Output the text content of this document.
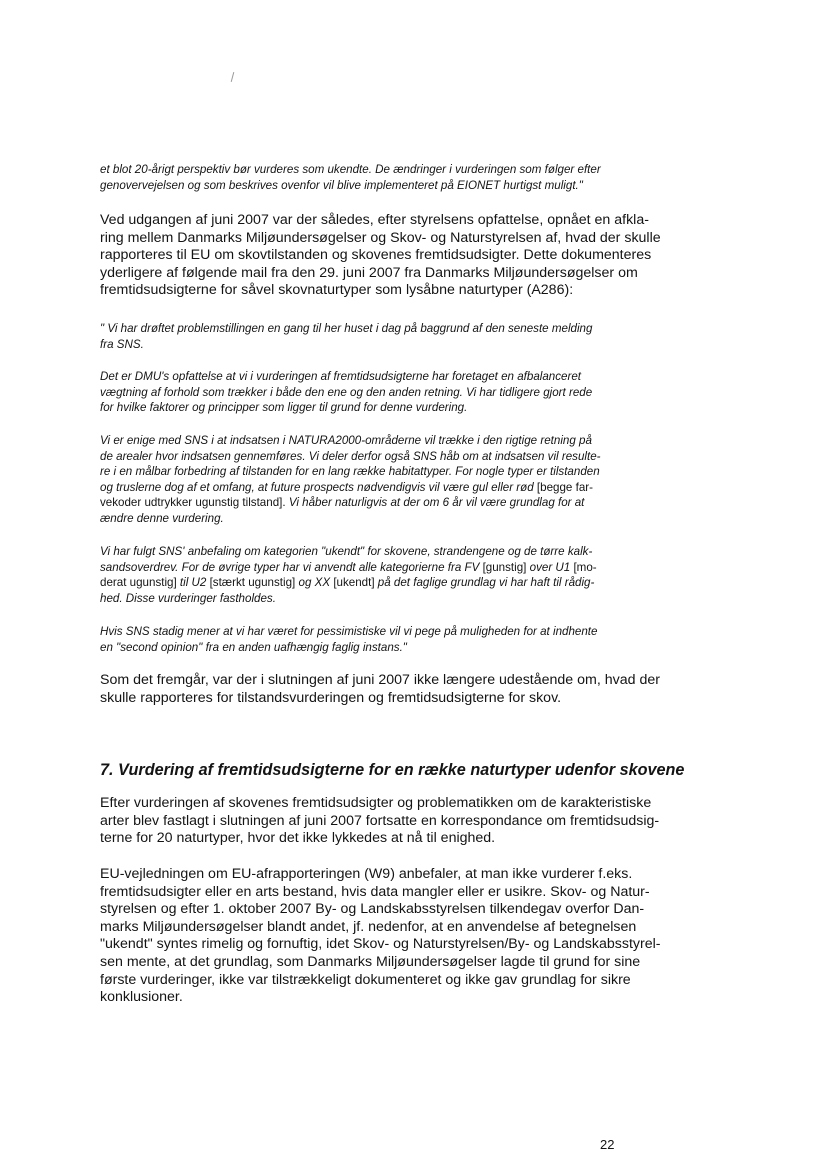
et blot 20-årigt perspektiv bør vurderes som ukendte. De ændringer i vurderingen som følger efter
genovervejelsen og som beskrives ovenfor vil blive implementeret på EIONET hurtigst muligt."
Ved udgangen af juni 2007 var der således, efter styrelsens opfattelse, opnået en afkla-
ring mellem Danmarks Miljøundersøgelser og Skov- og Naturstyrelsen af, hvad der skulle
rapporteres til EU om skovtilstanden og skovenes fremtidsudsigter. Dette dokumenteres
yderligere af følgende mail fra den 29. juni 2007 fra Danmarks Miljøundersøgelser om
fremtidsudsigterne for såvel skovnaturtyper som lysåbne naturtyper (A286):
" Vi har drøftet problemstillingen en gang til her huset i dag på baggrund af den seneste melding
fra SNS.
Det er DMU's opfattelse at vi i vurderingen af fremtidsudsigterne har foretaget en afbalanceret
vægtning af forhold som trækker i både den ene og den anden retning. Vi har tidligere gjort rede
for hvilke faktorer og principper som ligger til grund for denne vurdering.
Vi er enige med SNS i at indsatsen i NATURA2000-områderne vil trække i den rigtige retning på
de arealer hvor indsatsen gennemføres. Vi deler derfor også SNS håb om at indsatsen vil resulte-
re i en målbar forbedring af tilstanden for en lang række habitattyper. For nogle typer er tilstanden
og truslerne dog af et omfang, at future prospects nødvendigvis vil være gul eller rød [begge far-
vekoder udtrykker ugunstig tilstand]. Vi håber naturligvis at der om 6 år vil være grundlag for at
ændre denne vurdering.
Vi har fulgt SNS' anbefaling om kategorien "ukendt" for skovene, strandengene og de tørre kalk-
sandsoverdrev. For de øvrige typer har vi anvendt alle kategorierne fra FV [gunstig] over U1 [mo-
derat ugunstig] til U2 [stærkt ugunstig] og XX [ukendt] på det faglige grundlag vi har haft til rådig-
hed. Disse vurderinger fastholdes.
Hvis SNS stadig mener at vi har været for pessimistiske vil vi pege på muligheden for at indhente
en "second opinion" fra en anden uafhængig faglig instans."
Som det fremgår, var der i slutningen af juni 2007 ikke længere udestående om, hvad der
skulle rapporteres for tilstandsvurderingen og fremtidsudsigterne for skov.
7. Vurdering af fremtidsudsigterne for en række naturtyper udenfor skovene
Efter vurderingen af skovenes fremtidsudsigter og problematikken om de karakteristiske
arter blev fastlagt i slutningen af juni 2007 fortsatte en korrespondance om fremtidsudsig-
terne for 20 naturtyper, hvor det ikke lykkedes at nå til enighed.
EU-vejledningen om EU-afrapporteringen (W9) anbefaler, at man ikke vurderer f.eks.
fremtidsudsigter eller en arts bestand, hvis data mangler eller er usikre. Skov- og Natur-
styrelsen og efter 1. oktober 2007 By- og Landskabsstyrelsen tilkendegav overfor Dan-
marks Miljøundersøgelser blandt andet, jf. nedenfor, at en anvendelse af betegnelsen
"ukendt" syntes rimelig og fornuftig, idet Skov- og Naturstyrelsen/By- og Landskabsstyrel-
sen mente, at det grundlag, som Danmarks Miljøundersøgelser lagde til grund for sine
første vurderinger, ikke var tilstrækkeligt dokumenteret og ikke gav grundlag for sikre
konklusioner.
22
